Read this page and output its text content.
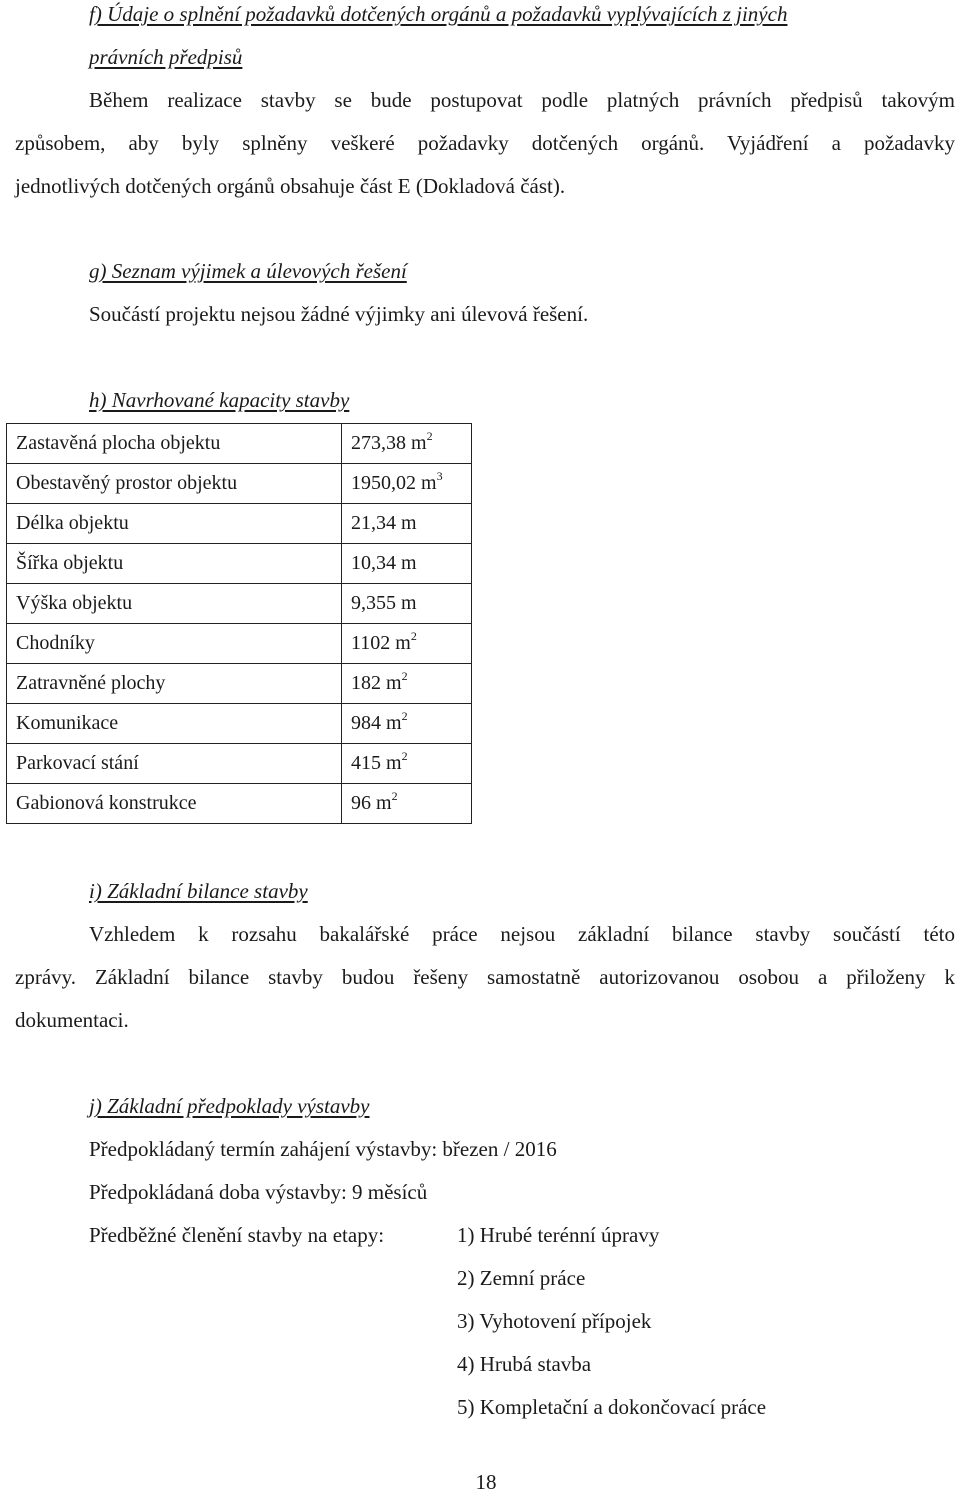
f) Údaje o splnění požadavků dotčených orgánů a požadavků vyplývajících z jiných
právních předpisů
Během realizace stavby se bude postupovat podle platných právních předpisů takovým
způsobem, aby byly splněny veškeré požadavky dotčených orgánů. Vyjádření a požadavky
jednotlivých dotčených orgánů obsahuje část E (Dokladová část).
g) Seznam výjimek a úlevových řešení
Součástí projektu nejsou žádné výjimky ani úlevová řešení.
h) Navrhované kapacity stavby
Zastavěná plocha objektu	273,38 $m^2$
Obestavěný prostor objektu	1950,02 $m^3$
Délka objektu	21,34 m
Šířka objektu	10,34 m
Výška objektu	9,355 m
Chodníky	1102 $m^2$
Zatravněné plochy	182 $m^2$
Komunikace	984 $m^2$
Parkovací stání	415 $m^2$
Gabionová konstrukce	96 $m^2$
i) Základní bilance stavby
Vzhledem k rozsahu bakalářské práce nejsou základní bilance stavby součástí této
zprávy. Základní bilance stavby budou řešeny samostatně autorizovanou osobou a přiloženy k
dokumentaci.
j) Základní předpoklady výstavby
Předpokládaný termín zahájení výstavby: březen / 2016
Předpokládaná doba výstavby: 9 měsíců
Předběžné členění stavby na etapy:	1) Hrubé terénní úpravy
2) Zemní práce
3) Vyhotovení přípojek
4) Hrubá stavba
5) Kompletační a dokončovací práce
18
